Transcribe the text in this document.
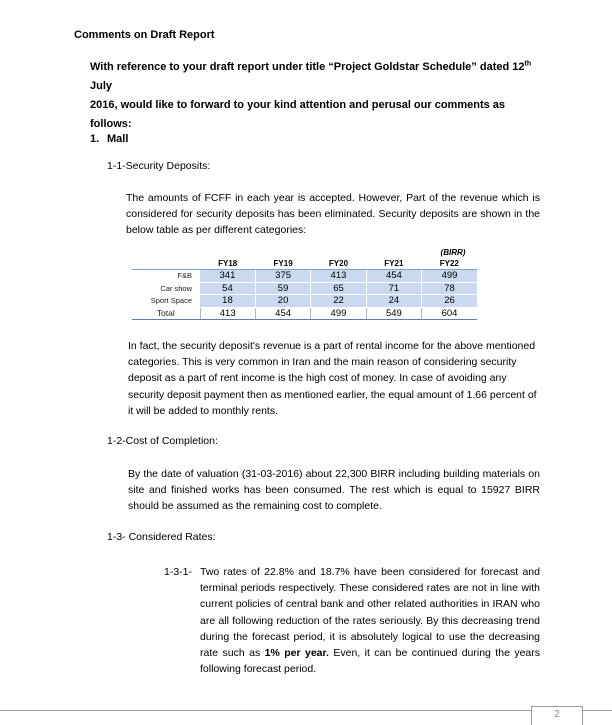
Comments on Draft Report
With reference to your draft report under title “Project Goldstar Schedule” dated 12th July
2016, would like to forward to your kind attention and perusal our comments as follows:
1. Mall
1-1-Security Deposits:
The amounts of FCFF in each year is accepted. However, Part of the revenue which is considered for security deposits has been eliminated. Security deposits are shown in the below table as per different categories:
(BIRR)
	FY18	FY19	FY20	FY21	FY22
F&B	341	375	413	454	499
Car show	54	59	65	71	78
Sport Space	18	20	22	24	26
Total	413	454	499	549	604
In fact, the security deposit's revenue is a part of rental income for the above mentioned categories. This is very common in Iran and the main reason of considering security deposit as a part of rent income is the high cost of money. In case of avoiding any security deposit payment then as mentioned earlier, the equal amount of 1.66 percent of it will be added to monthly rents.
1-2-Cost of Completion:
By the date of valuation (31-03-2016) about 22,300 BIRR including building materials on site and finished works has been consumed. The rest which is equal to 15927 BIRR should be assumed as the remaining cost to complete.
1-3- Considered Rates:
1-3-1- Two rates of 22.8% and 18.7% have been considered for forecast and terminal periods respectively. These considered rates are not in line with current policies of central bank and other related authorities in IRAN who are all following reduction of the rates seriously. By this decreasing trend during the forecast period, it is absolutely logical to use the decreasing rate such as 1% per year. Even, it can be continued during the years following forecast period.
2
